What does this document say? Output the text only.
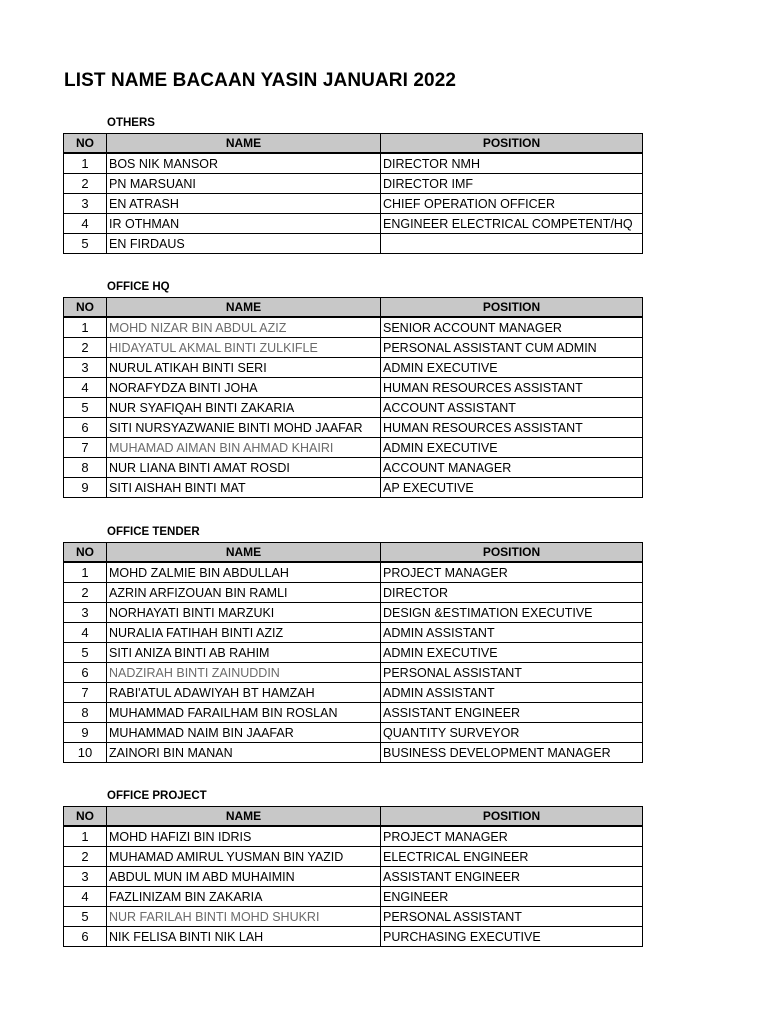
LIST NAME BACAAN YASIN JANUARI 2022
OTHERS
NO	NAME	POSITION
1	BOS NIK MANSOR	DIRECTOR NMH
2	PN MARSUANI	DIRECTOR IMF
3	EN ATRASH	CHIEF OPERATION OFFICER
4	IR OTHMAN	ENGINEER ELECTRICAL COMPETENT/HQ
5	EN FIRDAUS	
OFFICE HQ
NO	NAME	POSITION
1	MOHD NIZAR BIN ABDUL AZIZ	SENIOR ACCOUNT MANAGER
2	HIDAYATUL AKMAL BINTI ZULKIFLE	PERSONAL ASSISTANT CUM ADMIN
3	NURUL ATIKAH BINTI SERI	ADMIN EXECUTIVE
4	NORAFYDZA BINTI JOHA	HUMAN RESOURCES ASSISTANT
5	NUR SYAFIQAH BINTI ZAKARIA	ACCOUNT ASSISTANT
6	SITI NURSYAZWANIE BINTI MOHD JAAFAR	HUMAN RESOURCES ASSISTANT
7	MUHAMAD AIMAN BIN AHMAD KHAIRI	ADMIN EXECUTIVE
8	NUR LIANA BINTI AMAT ROSDI	ACCOUNT MANAGER
9	SITI AISHAH BINTI MAT	AP EXECUTIVE
OFFICE TENDER
NO	NAME	POSITION
1	MOHD ZALMIE BIN ABDULLAH	PROJECT MANAGER
2	AZRIN ARFIZOUAN BIN RAMLI	DIRECTOR
3	NORHAYATI BINTI MARZUKI	DESIGN &ESTIMATION EXECUTIVE
4	NURALIA FATIHAH BINTI AZIZ	ADMIN ASSISTANT
5	SITI ANIZA BINTI AB RAHIM	ADMIN EXECUTIVE
6	NADZIRAH BINTI ZAINUDDIN	PERSONAL ASSISTANT
7	RABI'ATUL ADAWIYAH BT HAMZAH	ADMIN ASSISTANT
8	MUHAMMAD FARAILHAM BIN ROSLAN	ASSISTANT ENGINEER
9	MUHAMMAD NAIM BIN JAAFAR	QUANTITY SURVEYOR
10	ZAINORI BIN MANAN	BUSINESS DEVELOPMENT MANAGER
OFFICE PROJECT
NO	NAME	POSITION
1	MOHD HAFIZI BIN IDRIS	PROJECT MANAGER
2	MUHAMAD AMIRUL YUSMAN BIN YAZID	ELECTRICAL ENGINEER
3	ABDUL MUN IM ABD MUHAIMIN	ASSISTANT ENGINEER
4	FAZLINIZAM BIN ZAKARIA	ENGINEER
5	NUR FARILAH BINTI MOHD SHUKRI	PERSONAL ASSISTANT
6	NIK FELISA BINTI NIK LAH	PURCHASING EXECUTIVE
